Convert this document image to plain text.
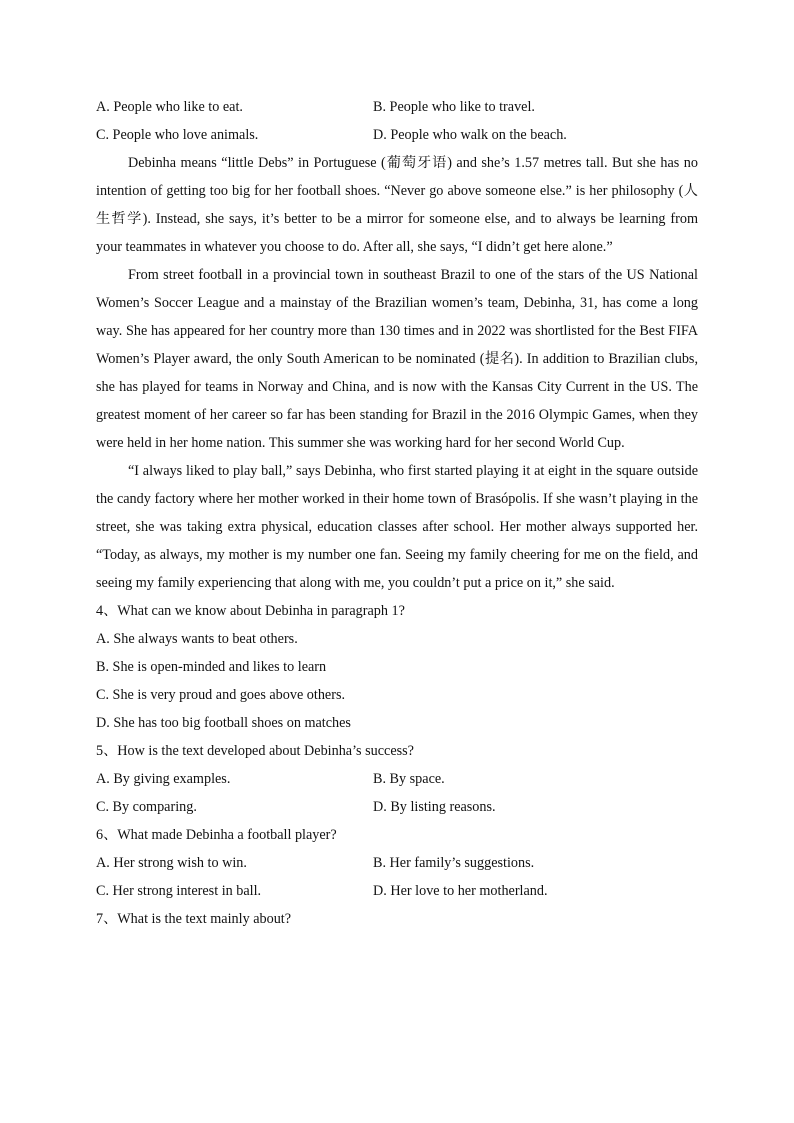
A. People who like to eat.	B. People who like to travel.
C. People who love animals.	D. People who walk on the beach.

Debinha means “little Debs” in Portuguese (葡萄牙语) and she’s 1.57 metres tall. But she has no intention of getting too big for her football shoes. “Never go above someone else.” is her philosophy (人生哲学). Instead, she says, it’s better to be a mirror for someone else, and to always be learning from your teammates in whatever you choose to do. After all, she says, “I didn’t get here alone.”

From street football in a provincial town in southeast Brazil to one of the stars of the US National Women’s Soccer League and a mainstay of the Brazilian women’s team, Debinha, 31, has come a long way. She has appeared for her country more than 130 times and in 2022 was shortlisted for the Best FIFA Women’s Player award, the only South American to be nominated (提名). In addition to Brazilian clubs, she has played for teams in Norway and China, and is now with the Kansas City Current in the US. The greatest moment of her career so far has been standing for Brazil in the 2016 Olympic Games, when they were held in her home nation. This summer she was working hard for her second World Cup.

“I always liked to play ball,” says Debinha, who first started playing it at eight in the square outside the candy factory where her mother worked in their home town of Brasópolis. If she wasn’t playing in the street, she was taking extra physical, education classes after school. Her mother always supported her. “Today, as always, my mother is my number one fan. Seeing my family cheering for me on the field, and seeing my family experiencing that along with me, you couldn’t put a price on it,” she said.

4、What can we know about Debinha in paragraph 1?
A. She always wants to beat others.
B. She is open-minded and likes to learn
C. She is very proud and goes above others.
D. She has too big football shoes on matches
5、How is the text developed about Debinha’s success?
A. By giving examples.	B. By space.
C. By comparing.	D. By listing reasons.
6、What made Debinha a football player?
A. Her strong wish to win.	B. Her family’s suggestions.
C. Her strong interest in ball.	D. Her love to her motherland.
7、What is the text mainly about?
